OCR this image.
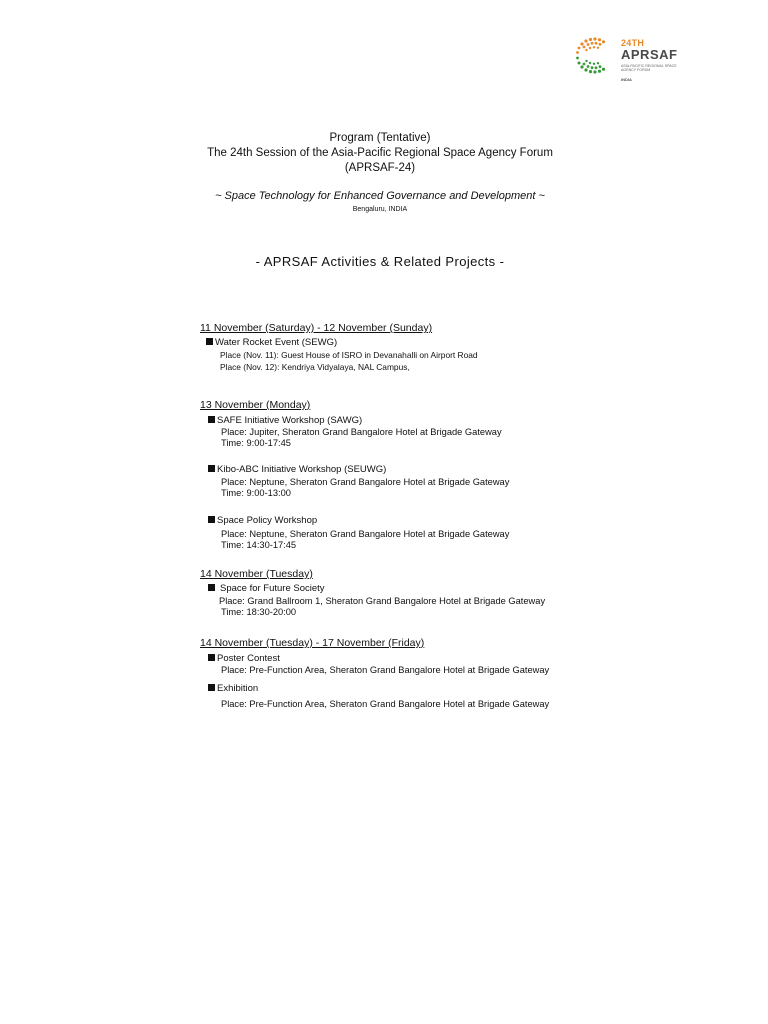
24TH
APRSAF
ASIA-PACIFIC REGIONAL SPACE AGENCY FORUM
INDIA
Program (Tentative)
The 24th Session of the Asia-Pacific Regional Space Agency Forum
(APRSAF-24)
~ Space Technology for Enhanced Governance and Development ~
Bengaluru, INDIA
- APRSAF Activities & Related Projects -
11 November (Saturday) - 12 November (Sunday)
Water Rocket Event (SEWG)
Place (Nov. 11): Guest House of ISRO in Devanahalli on Airport Road
Place (Nov. 12): Kendriya Vidyalaya, NAL Campus,
13 November (Monday)
SAFE Initiative Workshop (SAWG)
Place: Jupiter, Sheraton Grand Bangalore Hotel at Brigade Gateway
Time: 9:00-17:45
Kibo-ABC Initiative Workshop (SEUWG)
Place: Neptune, Sheraton Grand Bangalore Hotel at Brigade Gateway
Time: 9:00-13:00
Space Policy Workshop
Place: Neptune, Sheraton Grand Bangalore Hotel at Brigade Gateway
Time: 14:30-17:45
14 November (Tuesday)
Space for Future Society
Place: Grand Ballroom 1, Sheraton Grand Bangalore Hotel at Brigade Gateway
Time: 18:30-20:00
14 November (Tuesday) - 17 November (Friday)
Poster Contest
Place: Pre-Function Area, Sheraton Grand Bangalore Hotel at Brigade Gateway
Exhibition
Place: Pre-Function Area, Sheraton Grand Bangalore Hotel at Brigade Gateway
